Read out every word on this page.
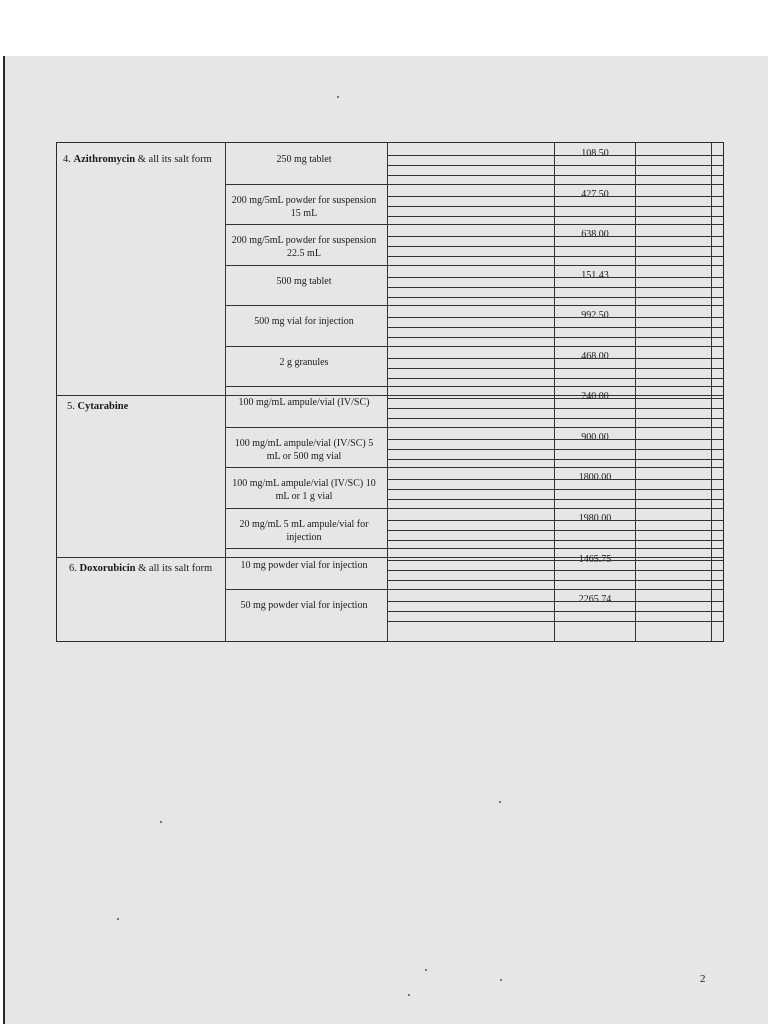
4. Azithromycin & all its salt form
5. Cytarabine
6. Doxorubicin & all its salt form
250 mg tablet
200 mg/5mL powder for suspension 15 mL
200 mg/5mL powder for suspension 22.5 mL
500 mg tablet
500 mg vial for injection
2 g granules
100 mg/mL ampule/vial (IV/SC)
100 mg/mL ampule/vial (IV/SC) 5 mL or 500 mg vial
100 mg/mL ampule/vial (IV/SC) 10 mL or 1 g vial
20 mg/mL 5 mL ampule/vial for injection
10 mg powder vial for injection
50 mg powder vial for injection
108.50
427.50
638.00
151.43
992.50
468.00
240.00
900.00
1800.00
1980.00
1465.75
2265.74
2
